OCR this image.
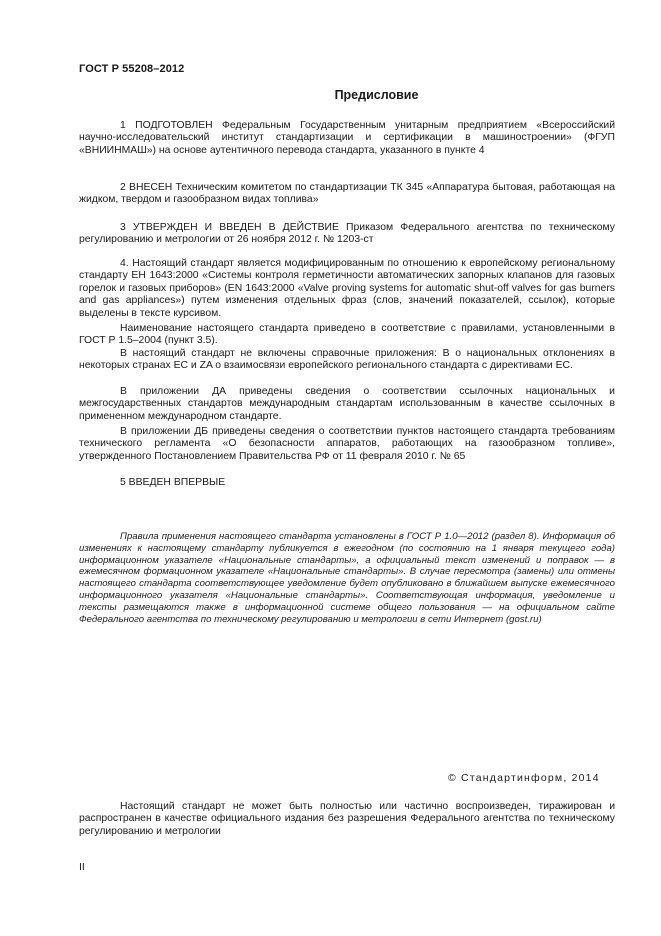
ГОСТ Р 55208–2012
Предисловие
1 ПОДГОТОВЛЕН Федеральным Государственным унитарным предприятием «Всероссийский научно-исследовательский институт стандартизации и сертификации в машиностроении» (ФГУП «ВНИИНМАШ») на основе аутентичного перевода стандарта, указанного в пункте 4
2 ВНЕСЕН Техническим комитетом по стандартизации ТК 345 «Аппаратура бытовая, работающая на жидком, твердом и газообразном видах топлива»
3 УТВЕРЖДЕН И ВВЕДЕН В ДЕЙСТВИЕ Приказом Федерального агентства по техническому регулированию и метрологии от 26 ноября 2012 г. № 1203-ст
4. Настоящий стандарт является модифицированным по отношению к европейскому региональному стандарту ЕН 1643:2000 «Системы контроля герметичности автоматических запорных клапанов для газовых горелок и газовых приборов» (EN 1643:2000 «Valve proving systems for automatic shut-off valves for gas burners and gas appliances») путем изменения отдельных фраз (слов, значений показателей, ссылок), которые выделены в тексте курсивом.
Наименование настоящего стандарта приведено в соответствие с правилами, установленными в ГОСТ Р 1.5–2004 (пункт 3.5).
В настоящий стандарт не включены справочные приложения: В о национальных отклонениях в некоторых странах ЕС и ZA о взаимосвязи европейского регионального стандарта с директивами ЕС.
В приложении ДА приведены сведения о соответствии ссылочных национальных и межгосударственных стандартов международным стандартам использованным в качестве ссылочных в примененном международном стандарте.
В приложении ДБ приведены сведения о соответствии пунктов настоящего стандарта требованиям технического регламента «О безопасности аппаратов, работающих на газообразном топливе», утвержденного Постановлением Правительства РФ от 11 февраля 2010 г. № 65
5 ВВЕДЕН ВПЕРВЫЕ
Правила применения настоящего стандарта установлены в ГОСТ Р 1.0—2012 (раздел 8). Информация об изменениях к настоящему стандарту публикуется в ежегодном (по состоянию на 1 января текущего года) информационном указателе «Национальные стандарты», а официальный текст изменений и поправок — в ежемесячном формационном указателе «Национальные стандарты». В случае пересмотра (замены) или отмены настоящего стандарта соответствующее уведомление будет опубликовано в ближайшем выпуске ежемесячного информационного указателя «Национальные стандарты». Соответствующая информация, уведомление и тексты размещаются также в информационной системе общего пользования — на официальном сайте Федерального агентства по техническому регулированию и метрологии в сети Интернет (gost.ru)
© Стандартинформ, 2014
Настоящий стандарт не может быть полностью или частично воспроизведен, тиражирован и распространен в качестве официального издания без разрешения Федерального агентства по техническому регулированию и метрологии
II
